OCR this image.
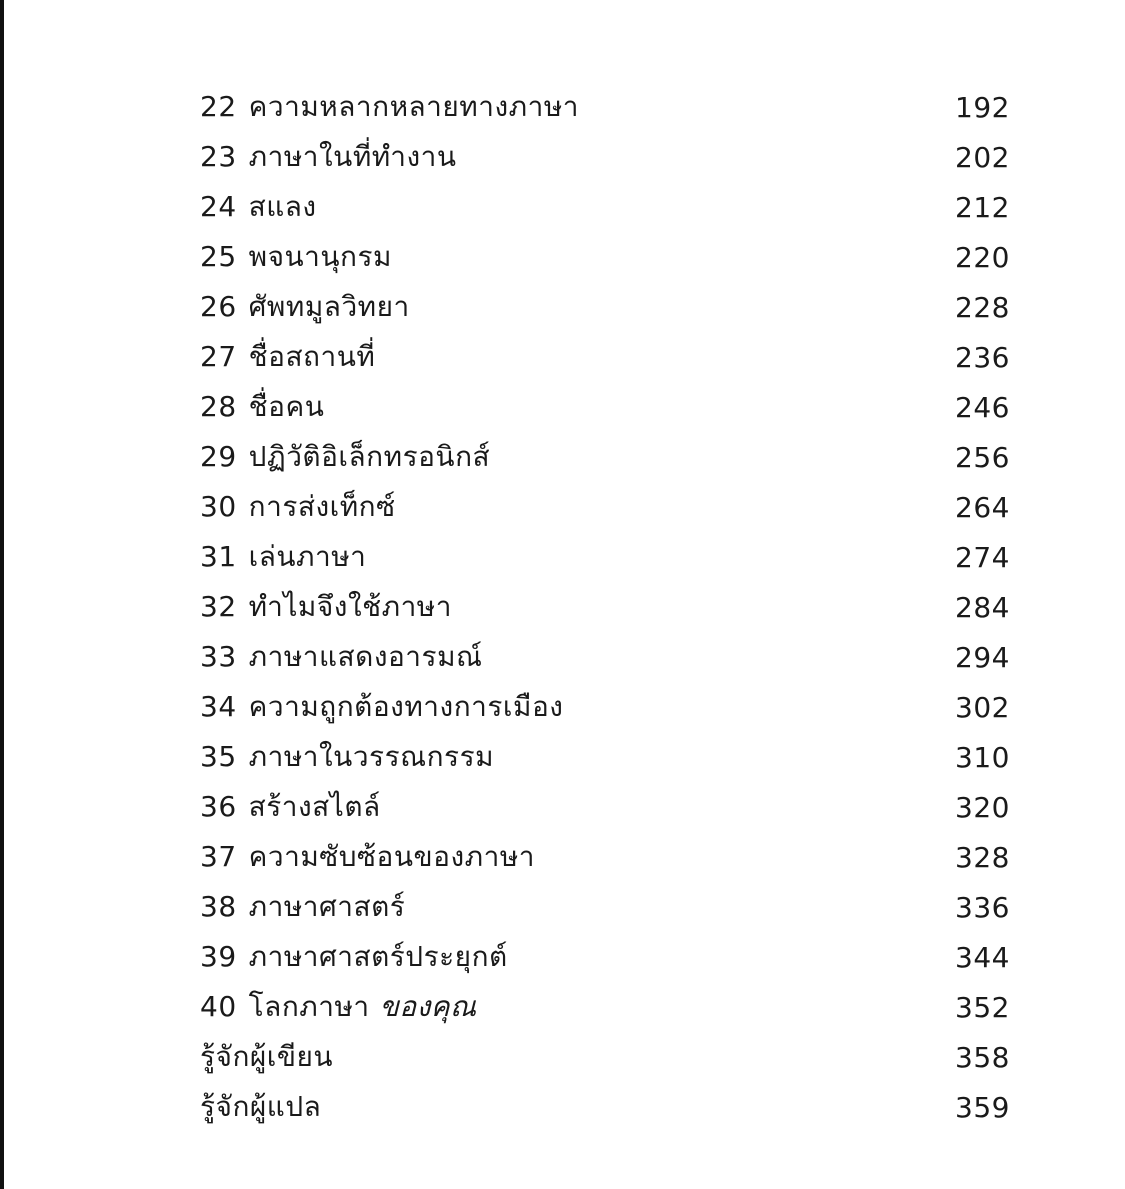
22 ความหลากหลายทางภาษา	192
23 ภาษาในที่ทำงาน	202
24 สแลง	212
25 พจนานุกรม	220
26 ศัพทมูลวิทยา	228
27 ชื่อสถานที่	236
28 ชื่อคน	246
29 ปฏิวัติอิเล็กทรอนิกส์	256
30 การส่งเท็กซ์	264
31 เล่นภาษา	274
32 ทำไมจึงใช้ภาษา	284
33 ภาษาแสดงอารมณ์	294
34 ความถูกต้องทางการเมือง	302
35 ภาษาในวรรณกรรม	310
36 สร้างสไตล์	320
37 ความซับซ้อนของภาษา	328
38 ภาษาศาสตร์	336
39 ภาษาศาสตร์ประยุกต์	344
40 โลกภาษา ของคุณ	352
รู้จักผู้เขียน	358
รู้จักผู้แปล	359
